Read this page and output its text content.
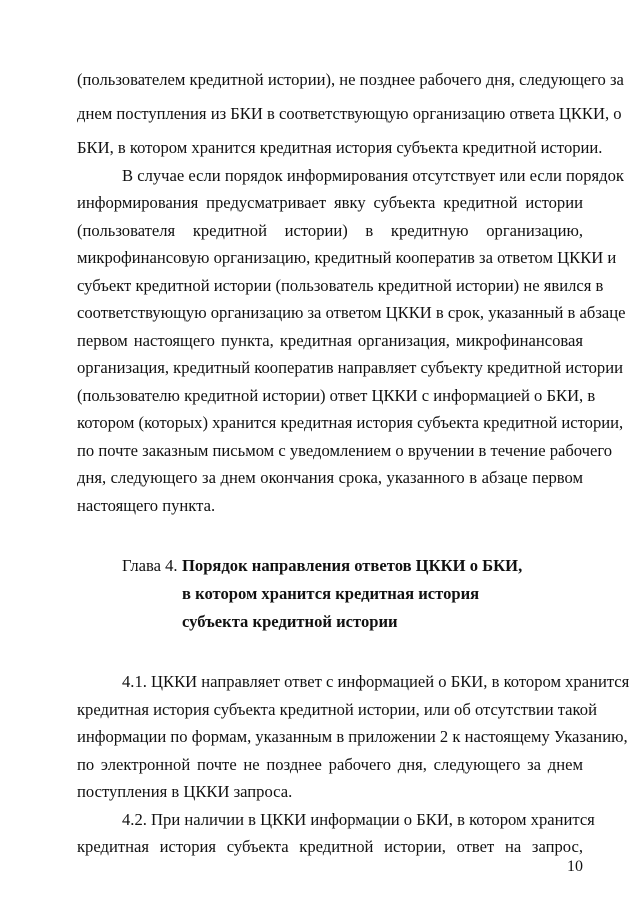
(пользователем кредитной истории), не позднее рабочего дня, следующего за
днем поступления из БКИ в соответствующую организацию ответа ЦККИ, о
БКИ, в котором хранится кредитная история субъекта кредитной истории.
В случае если порядок информирования отсутствует или если порядок
информирования предусматривает явку субъекта кредитной истории
(пользователя кредитной истории) в кредитную организацию,
микрофинансовую организацию, кредитный кооператив за ответом ЦККИ и
субъект кредитной истории (пользователь кредитной истории) не явился в
соответствующую организацию за ответом ЦККИ в срок, указанный в абзаце
первом настоящего пункта, кредитная организация, микрофинансовая
организация, кредитный кооператив направляет субъекту кредитной истории
(пользователю кредитной истории) ответ ЦККИ с информацией о БКИ, в
котором (которых) хранится кредитная история субъекта кредитной истории,
по почте заказным письмом с уведомлением о вручении в течение рабочего
дня, следующего за днем окончания срока, указанного в абзаце первом
настоящего пункта.
Глава 4. Порядок направления ответов ЦККИ о БКИ,
в котором хранится кредитная история
субъекта кредитной истории
4.1. ЦККИ направляет ответ с информацией о БКИ, в котором хранится
кредитная история субъекта кредитной истории, или об отсутствии такой
информации по формам, указанным в приложении 2 к настоящему Указанию,
по электронной почте не позднее рабочего дня, следующего за днем
поступления в ЦККИ запроса.
4.2. При наличии в ЦККИ информации о БКИ, в котором хранится
кредитная история субъекта кредитной истории, ответ на запрос,
10
